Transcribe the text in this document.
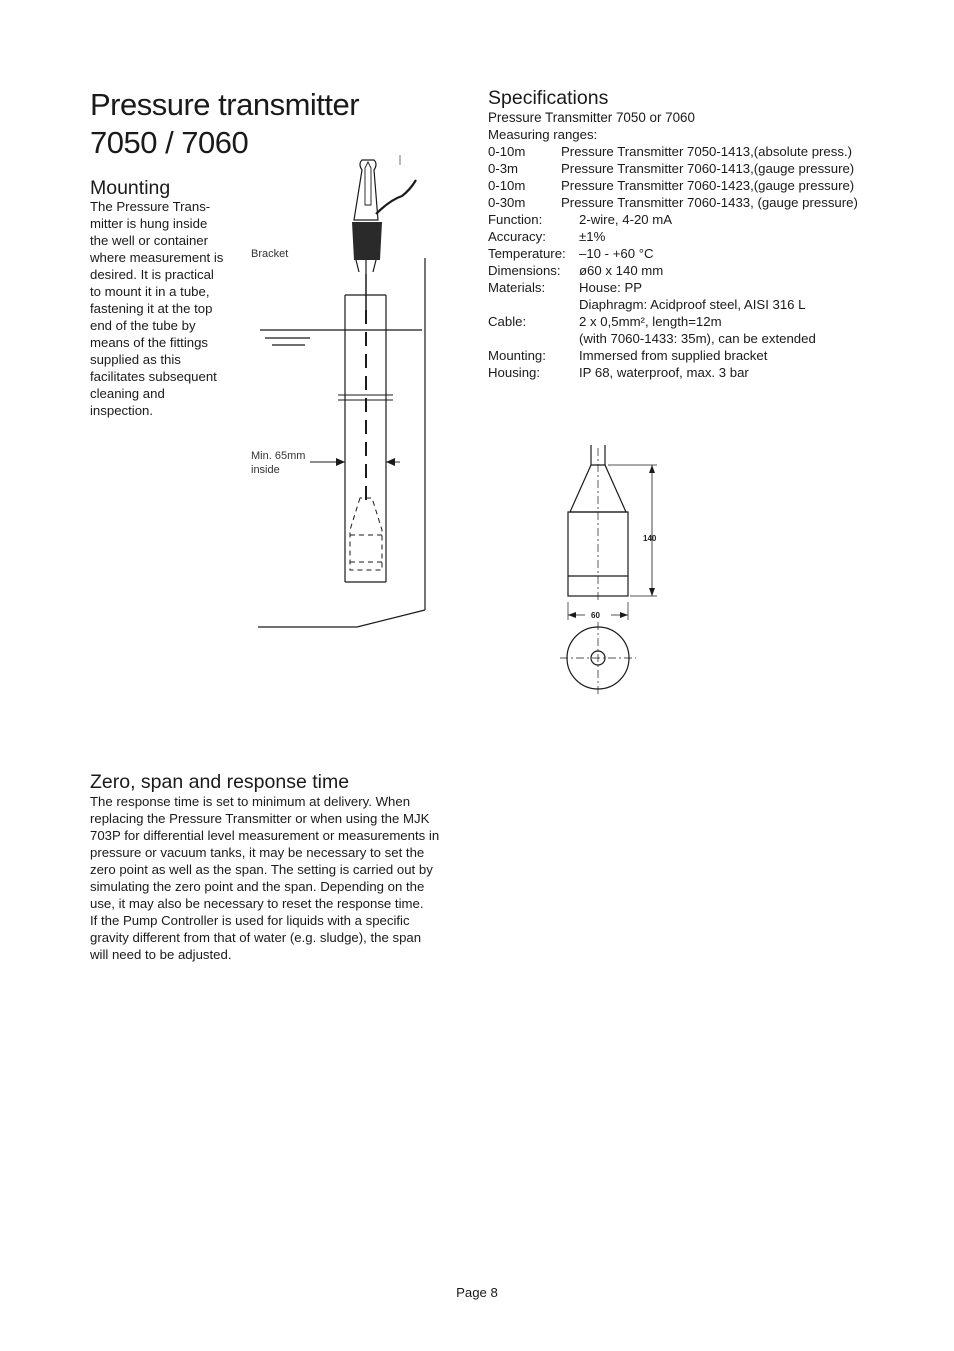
Pressure transmitter
7050 / 7060
Mounting
The Pressure Trans-
mitter is hung inside
the well or container
where measurement is
desired. It is practical
to mount it in a tube,
fastening it at the top
end of the tube by
means of the fittings
supplied as this
facilitates subsequent
cleaning and
inspection.
Bracket
Min. 65mm
inside
Specifications
Pressure Transmitter 7050 or 7060
Measuring ranges:
0-10m	Pressure Transmitter 7050-1413,(absolute press.)
0-3m	Pressure Transmitter 7060-1413,(gauge pressure)
0-10m	Pressure Transmitter 7060-1423,(gauge pressure)
0-30m	Pressure Transmitter 7060-1433, (gauge pressure)
Function:	2-wire, 4-20 mA
Accuracy:	±1%
Temperature:	–10 - +60 °C
Dimensions:	ø60 x 140 mm
Materials:	House: PP
	Diaphragm: Acidproof steel, AISI 316 L
Cable:	2 x 0,5mm², length=12m
	(with 7060-1433: 35m), can be extended
Mounting:	Immersed from supplied bracket
Housing:	IP 68, waterproof, max. 3 bar
140
60
Zero, span and response time
The response time is set to minimum at delivery. When
replacing the Pressure Transmitter or when using the MJK
703P for differential level measurement or measurements in
pressure or vacuum tanks, it may be necessary to set the
zero point as well as the span. The setting is carried out by
simulating the zero point and the span. Depending on the
use, it may also be necessary to reset the response time.
If the Pump Controller is used for liquids with a specific
gravity different from that of water (e.g. sludge), the span
will need to be adjusted.
Page 8
